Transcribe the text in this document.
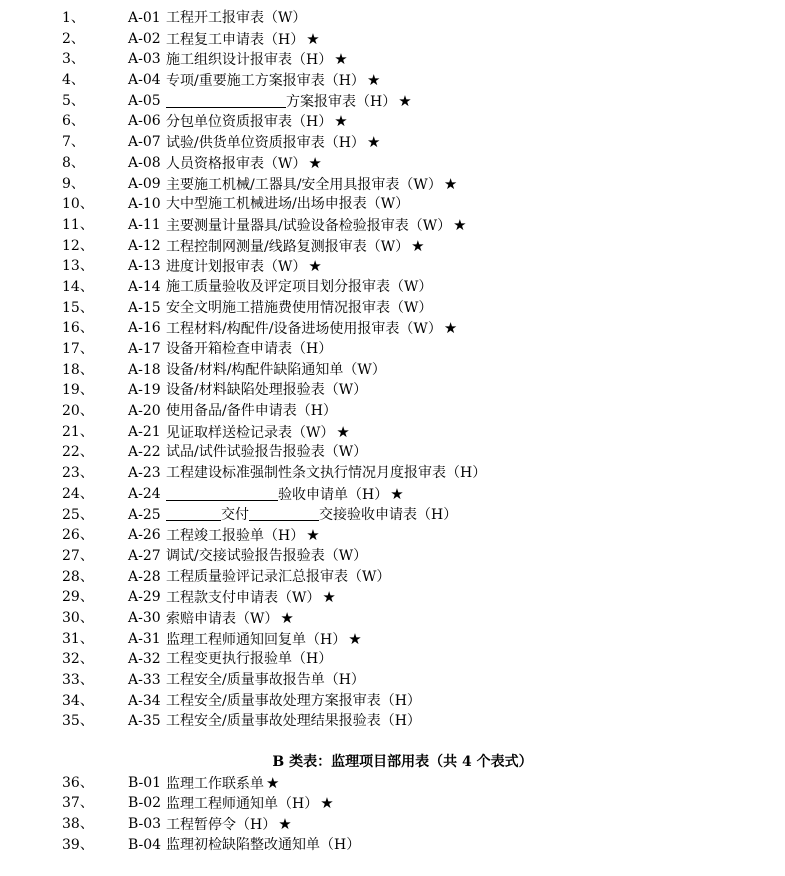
1、	A-01 工程开工报审表（W）
2、	A-02 工程复工申请表（H） ★
3、	A-03 施工组织设计报审表（H） ★
4、	A-04 专项/重要施工方案报审表（H） ★
5、	A-05	方案报审表（H） ★
6、	A-06 分包单位资质报审表（H） ★
7、	A-07 试验/供货单位资质报审表（H） ★
8、	A-08 人员资格报审表（W） ★
9、	A-09 主要施工机械/工器具/安全用具报审表（W） ★
10、	A-10 大中型施工机械进场/出场申报表（W）
11、	A-11 主要测量计量器具/试验设备检验报审表（W） ★
12、	A-12 工程控制网测量/线路复测报审表（W） ★
13、	A-13 进度计划报审表（W） ★
14、	A-14 施工质量验收及评定项目划分报审表（W）
15、	A-15 安全文明施工措施费使用情况报审表（W）
16、	A-16 工程材料/构配件/设备进场使用报审表（W） ★
17、	A-17 设备开箱检查申请表（H）
18、	A-18 设备/材料/构配件缺陷通知单（W）
19、	A-19 设备/材料缺陷处理报验表（W）
20、	A-20 使用备品/备件申请表（H）
21、	A-21 见证取样送检记录表（W） ★
22、	A-22 试品/试件试验报告报验表（W）
23、	A-23 工程建设标准强制性条文执行情况月度报审表（H）
24、	A-24	验收申请单（H） ★
25、	A-25	交付	交接验收申请表（H）
26、	A-26 工程竣工报验单（H） ★
27、	A-27 调试/交接试验报告报验表（W）
28、	A-28 工程质量验评记录汇总报审表（W）
29、	A-29 工程款支付申请表（W） ★
30、	A-30 索赔申请表（W） ★
31、	A-31 监理工程师通知回复单（H） ★
32、	A-32 工程变更执行报验单（H）
33、	A-33 工程安全/质量事故报告单（H）
34、	A-34 工程安全/质量事故处理方案报审表（H）
35、	A-35 工程安全/质量事故处理结果报验表（H）
B 类表：监理项目部用表（共 4 个表式）
36、	B-01 监理工作联系单 ★
37、	B-02 监理工程师通知单（H） ★
38、	B-03 工程暂停令（H） ★
39、	B-04 监理初检缺陷整改通知单（H）
